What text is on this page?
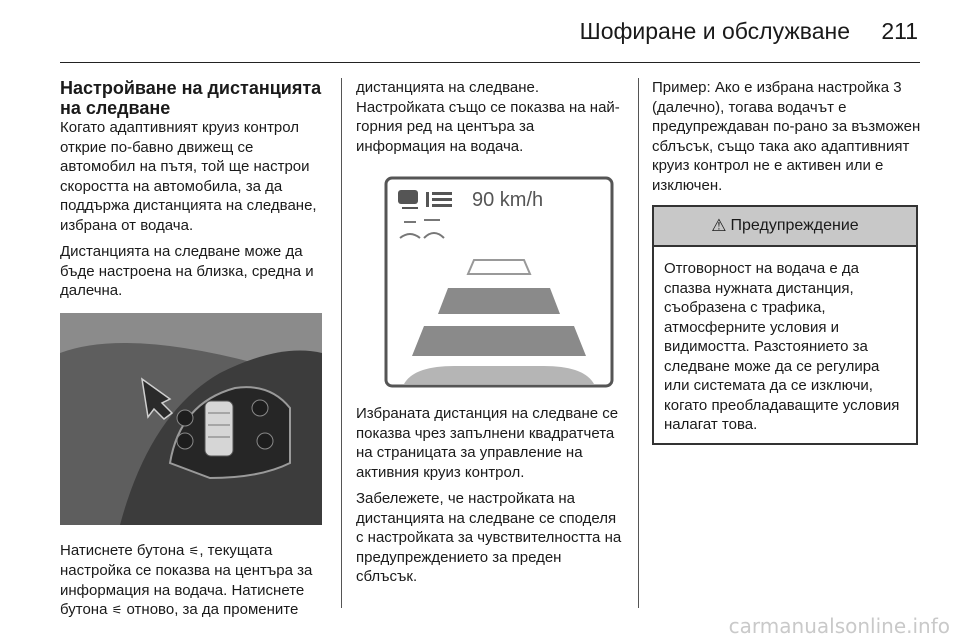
Шофиране и обслужване 211
Настройване на дистанцията на следване

Когато адаптивният круиз контрол открие по-бавно движещ се автомобил на пътя, той ще настрои скоростта на автомобила, за да поддържа дистанцията на следване, избрана от водача.

Дистанцията на следване може да бъде настроена на близка, средна и далечна.

Натиснете бутона ⚟, текущата настройка се показва на центъра за информация на водача. Натиснете бутона ⚟ отново, за да промените

дистанцията на следване. Настройката също се показва на най-горния ред на центъра за информация на водача.

90 km/h

Избраната дистанция на следване се показва чрез запълнени квадратчета на страницата за управление на активния круиз контрол.

Забележете, че настройката на дистанцията на следване се споделя с настройката за чувствителността на предупреждението за преден сблъсък.

Пример: Ако е избрана настройка 3 (далечно), тогава водачът е предупреждаван по-рано за възможен сблъсък, също така ако адаптивният круиз контрол не е активен или е изключен.

⚠ Предупреждение
Отговорност на водача е да спазва нужната дистанция, съобразена с трафика, атмосферните условия и видимостта. Разстоянието за следване може да се регулира или системата да се изключи, когато преобладаващите условия налагат това.
carmanualsonline.info
